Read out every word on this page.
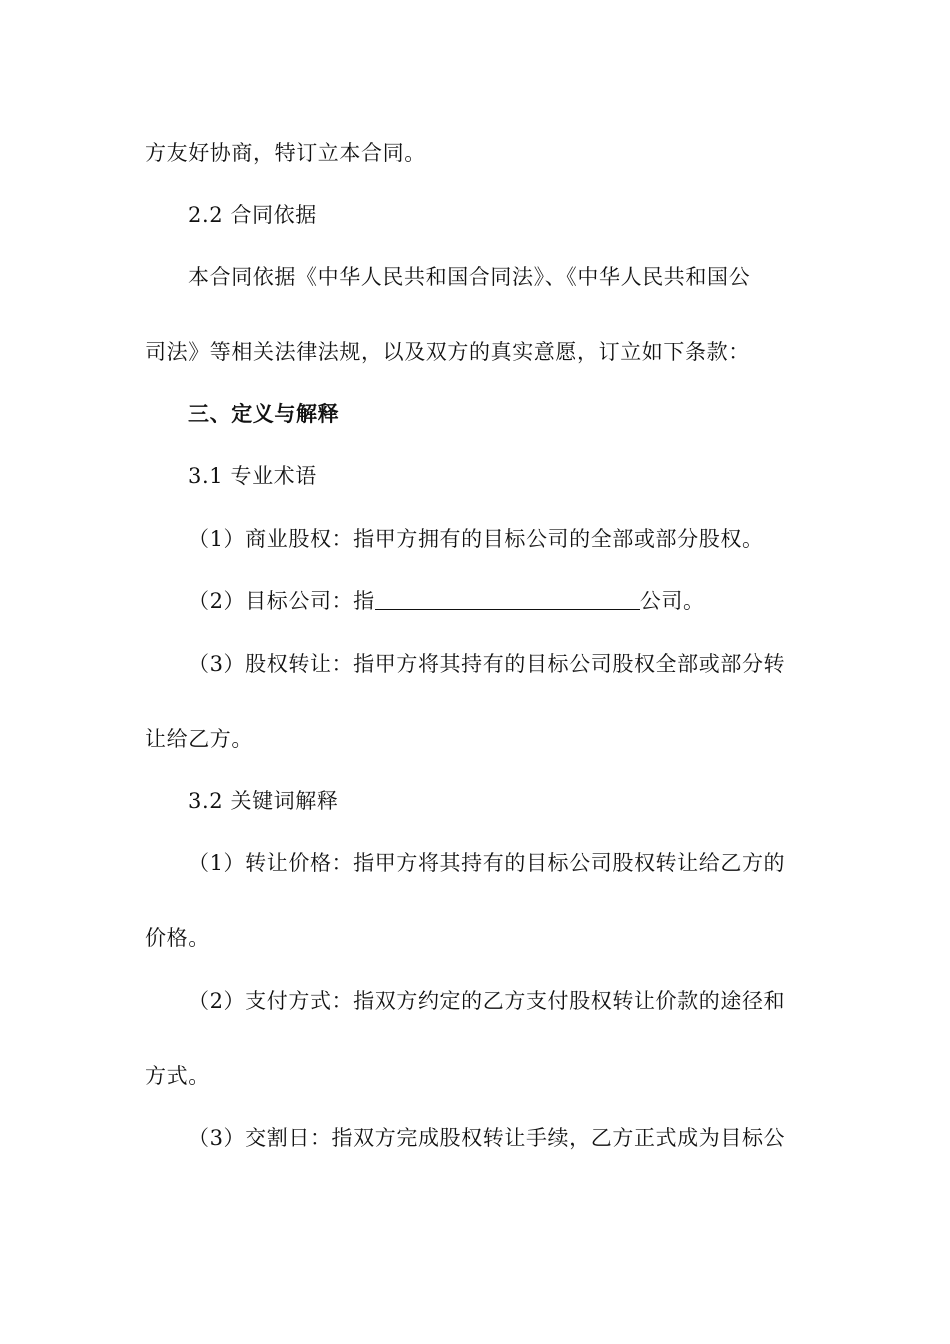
方友好协商，特订立本合同。
2.2 合同依据
本合同依据《中华人民共和国合同法》、《中华人民共和国公
司法》等相关法律法规，以及双方的真实意愿，订立如下条款：
三、定义与解释
3.1 专业术语
（1）商业股权：指甲方拥有的目标公司的全部或部分股权。
（2）目标公司：指	公司。
（3）股权转让：指甲方将其持有的目标公司股权全部或部分转
让给乙方。
3.2 关键词解释
（1）转让价格：指甲方将其持有的目标公司股权转让给乙方的
价格。
（2）支付方式：指双方约定的乙方支付股权转让价款的途径和
方式。
（3）交割日：指双方完成股权转让手续，乙方正式成为目标公
